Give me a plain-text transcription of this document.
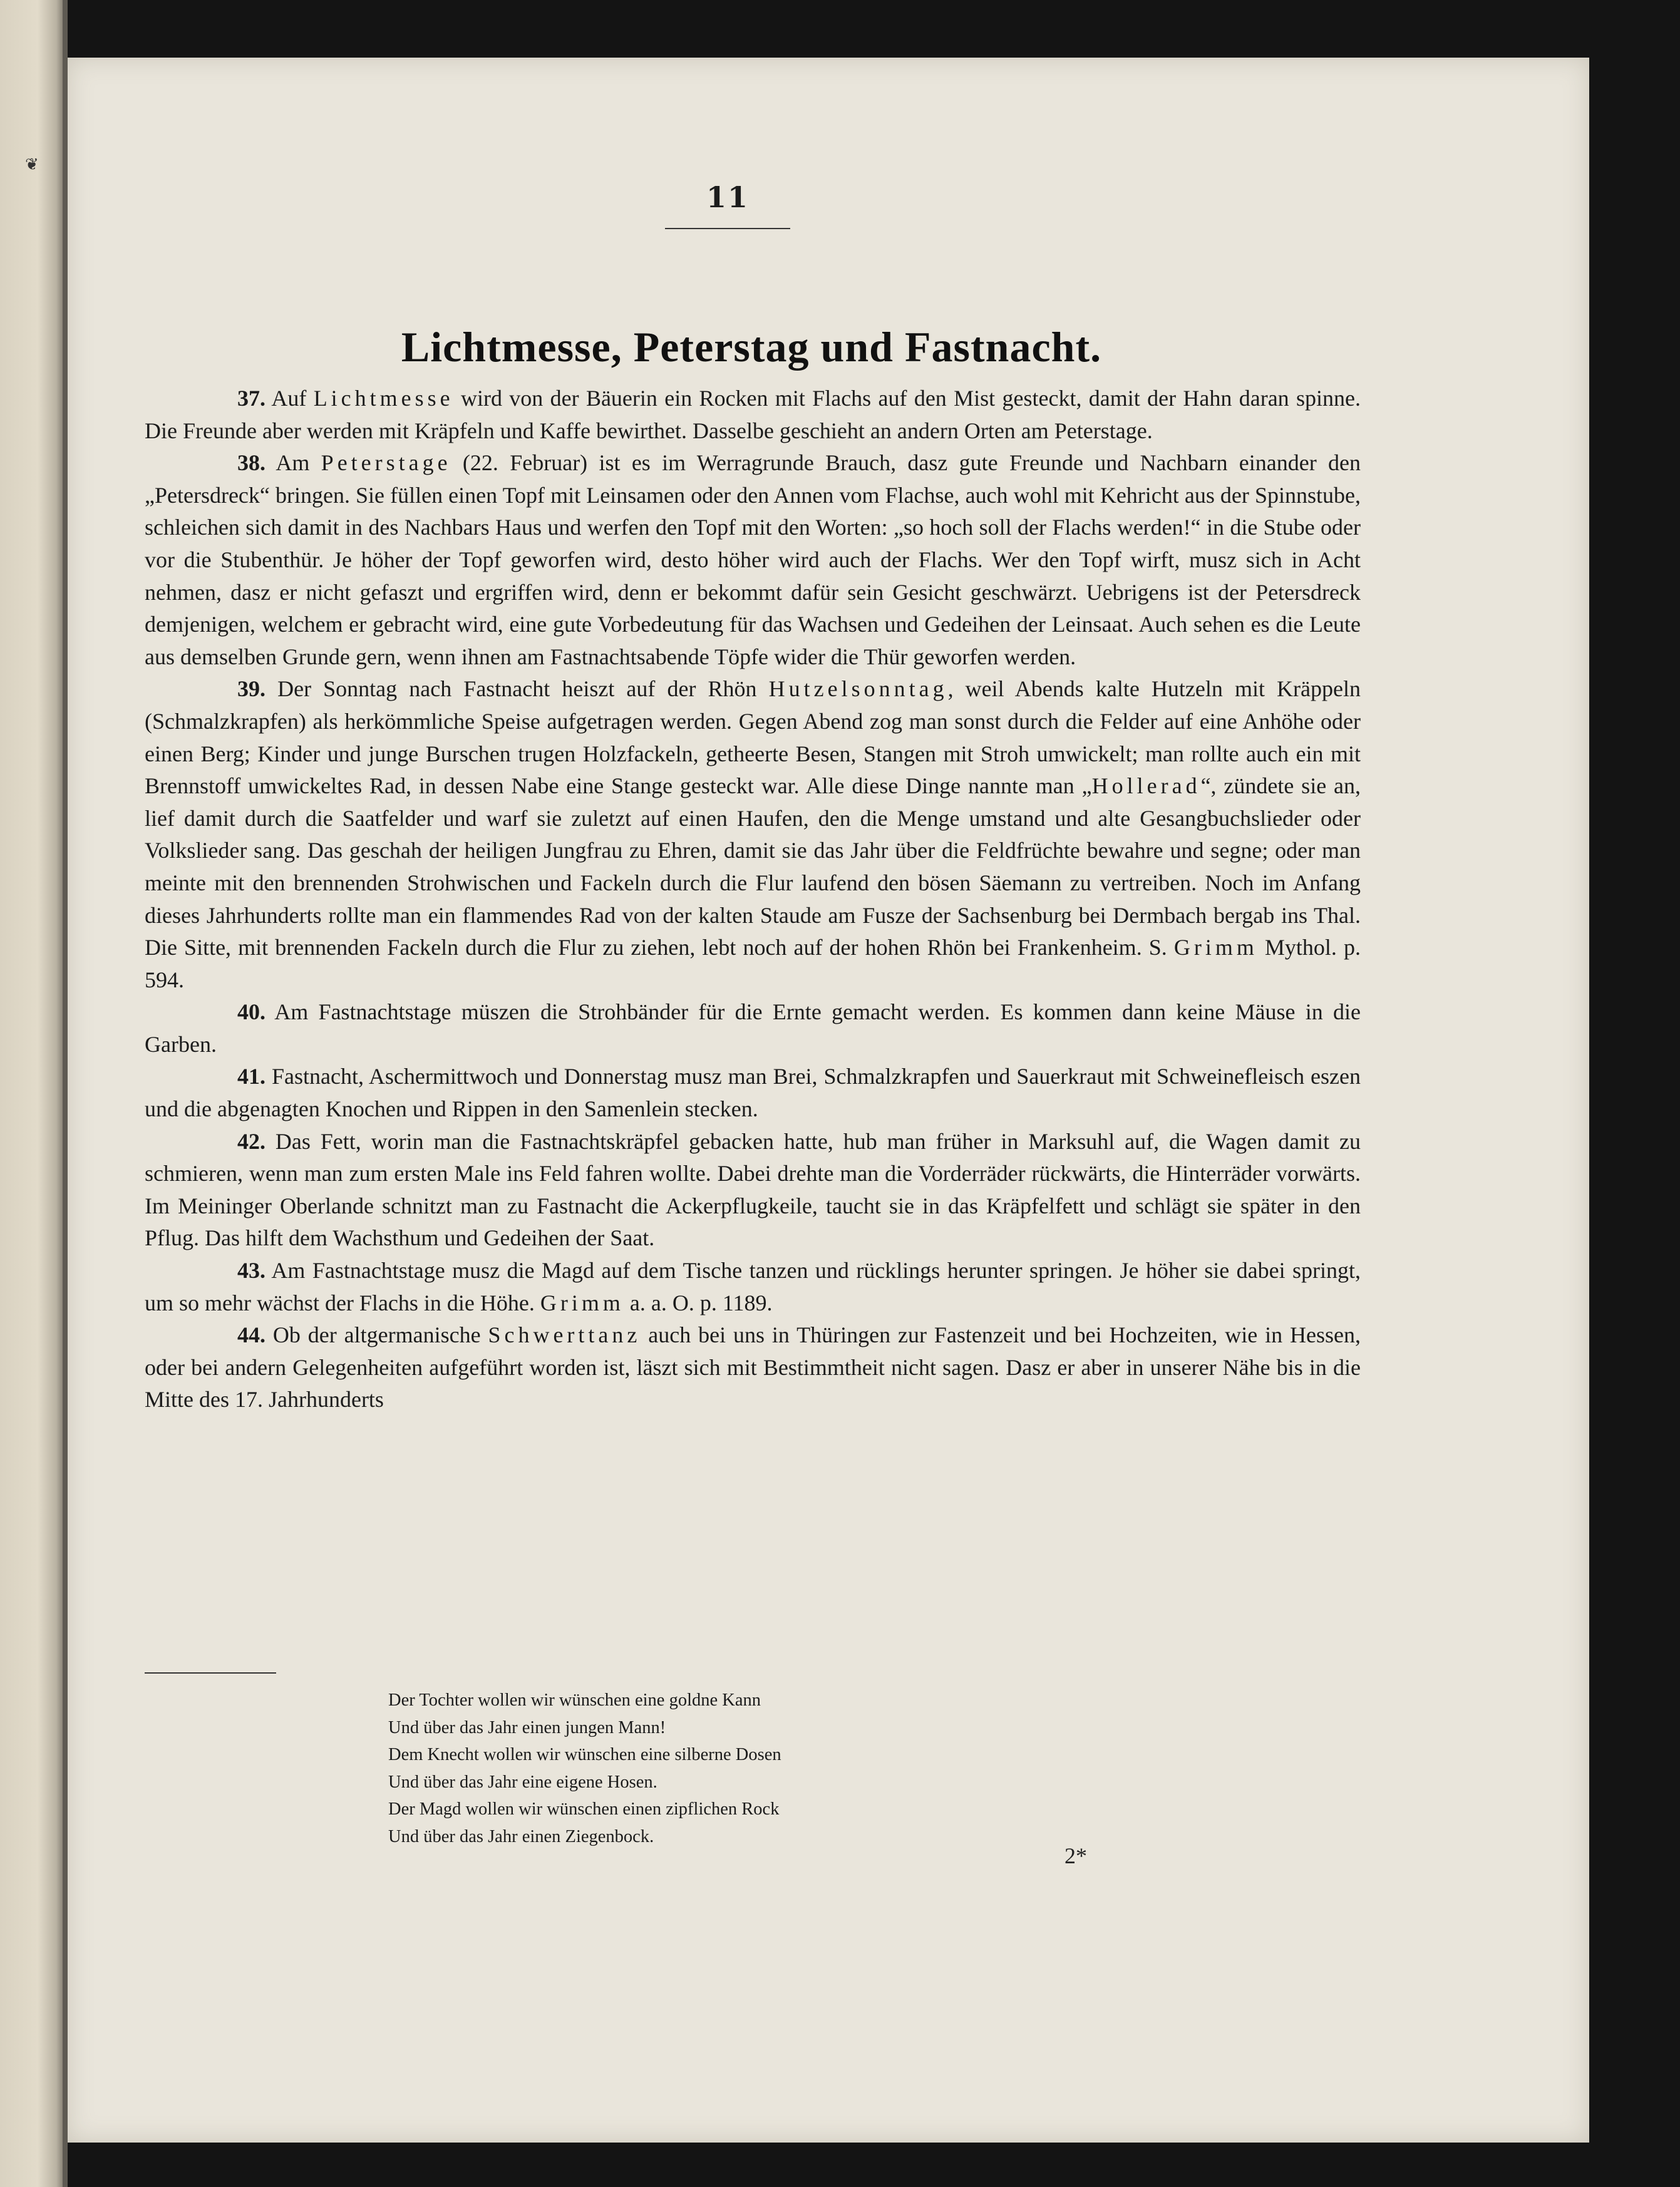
❦
11
Lichtmesse, Peterstag und Fastnacht.

37. Auf Lichtmesse wird von der Bäuerin ein Rocken mit Flachs auf den Mist gesteckt, damit der Hahn daran spinne. Die Freunde aber werden mit Kräpfeln und Kaffe bewirthet. Dasselbe geschieht an andern Orten am Peterstage.

38. Am Peterstage (22. Februar) ist es im Werragrunde Brauch, dasz gute Freunde und Nachbarn einander den „Petersdreck“ bringen. Sie füllen einen Topf mit Leinsamen oder den Annen vom Flachse, auch wohl mit Kehricht aus der Spinnstube, schleichen sich damit in des Nachbars Haus und werfen den Topf mit den Worten: „so hoch soll der Flachs werden!“ in die Stube oder vor die Stubenthür. Je höher der Topf geworfen wird, desto höher wird auch der Flachs. Wer den Topf wirft, musz sich in Acht nehmen, dasz er nicht gefaszt und ergriffen wird, denn er bekommt dafür sein Gesicht geschwärzt. Uebrigens ist der Petersdreck demjenigen, welchem er gebracht wird, eine gute Vorbedeutung für das Wachsen und Gedeihen der Leinsaat. Auch sehen es die Leute aus demselben Grunde gern, wenn ihnen am Fastnachtsabende Töpfe wider die Thür geworfen werden.

39. Der Sonntag nach Fastnacht heiszt auf der Rhön Hutzelsonntag, weil Abends kalte Hutzeln mit Kräppeln (Schmalzkrapfen) als herkömmliche Speise aufgetragen werden. Gegen Abend zog man sonst durch die Felder auf eine Anhöhe oder einen Berg; Kinder und junge Burschen trugen Holzfackeln, getheerte Besen, Stangen mit Stroh umwickelt; man rollte auch ein mit Brennstoff umwickeltes Rad, in dessen Nabe eine Stange gesteckt war. Alle diese Dinge nannte man „Hollerad“, zündete sie an, lief damit durch die Saatfelder und warf sie zuletzt auf einen Haufen, den die Menge umstand und alte Gesangbuchslieder oder Volkslieder sang. Das geschah der heiligen Jungfrau zu Ehren, damit sie das Jahr über die Feldfrüchte bewahre und segne; oder man meinte mit den brennenden Strohwischen und Fackeln durch die Flur laufend den bösen Säemann zu vertreiben. Noch im Anfang dieses Jahrhunderts rollte man ein flammendes Rad von der kalten Staude am Fusze der Sachsenburg bei Dermbach bergab ins Thal. Die Sitte, mit brennenden Fackeln durch die Flur zu ziehen, lebt noch auf der hohen Rhön bei Frankenheim. S. Grimm Mythol. p. 594.

40. Am Fastnachtstage müszen die Strohbänder für die Ernte gemacht werden. Es kommen dann keine Mäuse in die Garben.

41. Fastnacht, Aschermittwoch und Donnerstag musz man Brei, Schmalzkrapfen und Sauerkraut mit Schweinefleisch eszen und die abgenagten Knochen und Rippen in den Samenlein stecken.

42. Das Fett, worin man die Fastnachtskräpfel gebacken hatte, hub man früher in Marksuhl auf, die Wagen damit zu schmieren, wenn man zum ersten Male ins Feld fahren wollte. Dabei drehte man die Vorderräder rückwärts, die Hinterräder vorwärts. Im Meininger Oberlande schnitzt man zu Fastnacht die Ackerpflugkeile, taucht sie in das Kräpfelfett und schlägt sie später in den Pflug. Das hilft dem Wachsthum und Gedeihen der Saat.

43. Am Fastnachtstage musz die Magd auf dem Tische tanzen und rücklings herunter springen. Je höher sie dabei springt, um so mehr wächst der Flachs in die Höhe. Grimm a. a. O. p. 1189.

44. Ob der altgermanische Schwerttanz auch bei uns in Thüringen zur Fastenzeit und bei Hochzeiten, wie in Hessen, oder bei andern Gelegenheiten aufgeführt worden ist, läszt sich mit Bestimmtheit nicht sagen. Dasz er aber in unserer Nähe bis in die Mitte des 17. Jahrhunderts

Der Tochter wollen wir wünschen eine goldne Kann
Und über das Jahr einen jungen Mann!
Dem Knecht wollen wir wünschen eine silberne Dosen
Und über das Jahr eine eigene Hosen.
Der Magd wollen wir wünschen einen zipflichen Rock
Und über das Jahr einen Ziegenbock.
2*
